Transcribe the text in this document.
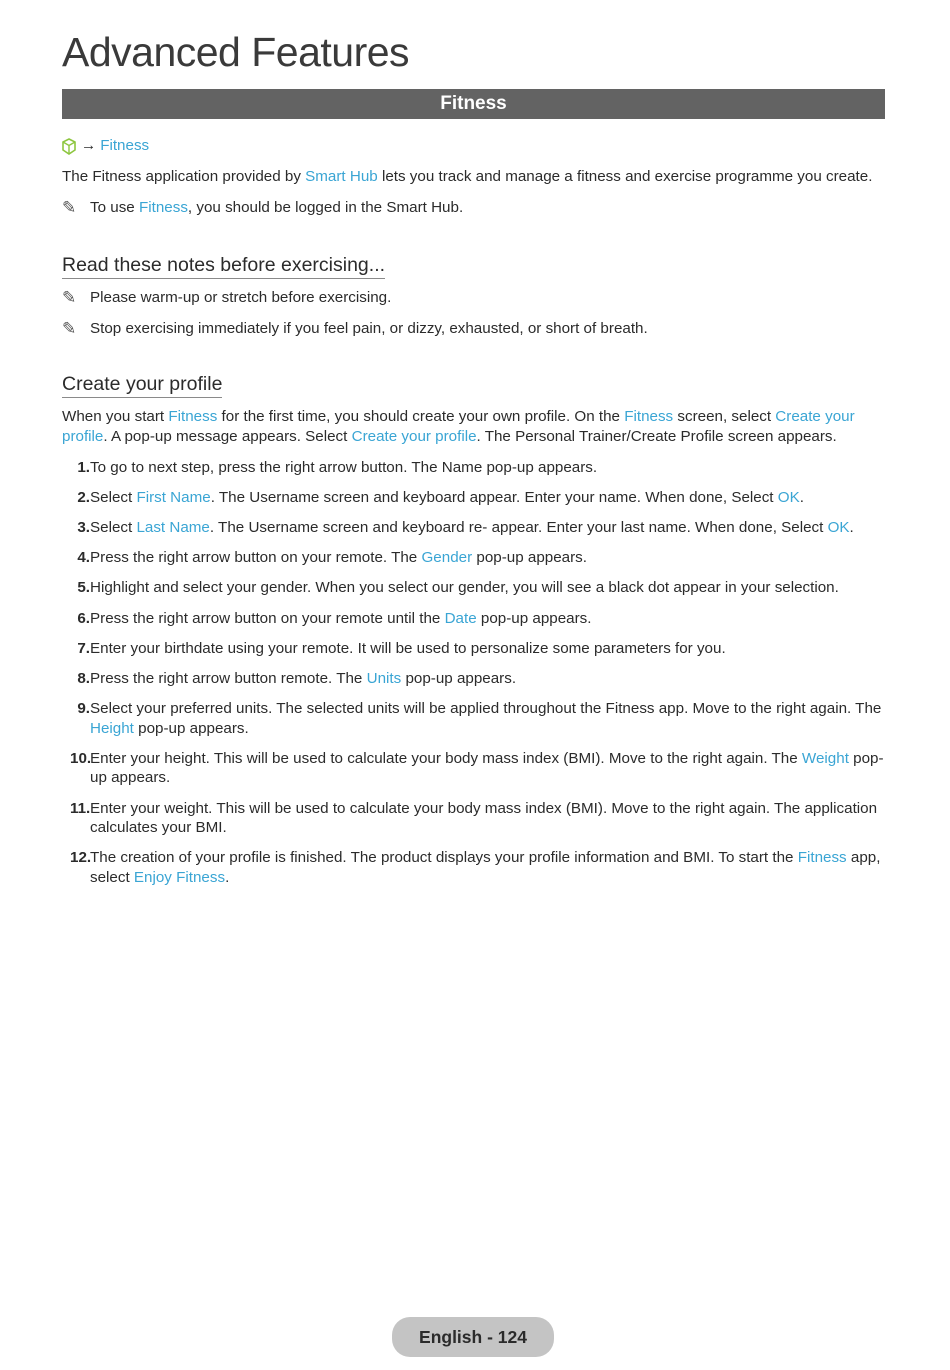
Advanced Features
Fitness
→ Fitness

The Fitness application provided by Smart Hub lets you track and manage a fitness and exercise programme you create.

✎ To use Fitness, you should be logged in the Smart Hub.
Read these notes before exercising...
✎ Please warm-up or stretch before exercising.
✎ Stop exercising immediately if you feel pain, or dizzy, exhausted, or short of breath.
Create your profile

When you start Fitness for the first time, you should create your own profile. On the Fitness screen, select Create your profile. A pop-up message appears. Select Create your profile. The Personal Trainer/Create Profile screen appears.

1. To go to next step, press the right arrow button. The Name pop-up appears.
2. Select First Name. The Username screen and keyboard appear. Enter your name. When done, Select OK.
3. Select Last Name. The Username screen and keyboard re- appear. Enter your last name. When done, Select OK.
4. Press the right arrow button on your remote. The Gender pop-up appears.
5. Highlight and select your gender. When you select our gender, you will see a black dot appear in your selection.
6. Press the right arrow button on your remote until the Date pop-up appears.
7. Enter your birthdate using your remote. It will be used to personalize some parameters for you.
8. Press the right arrow button remote. The Units pop-up appears.
9. Select your preferred units. The selected units will be applied throughout the Fitness app. Move to the right again. The Height pop-up appears.
10.
Enter your height. This will be used to calculate your body mass index (BMI). Move to the right again. The Weight pop-up appears.
11. Enter your weight. This will be used to calculate your body mass index (BMI). Move to the right again. The application calculates your BMI.
12.
The creation of your profile is finished. The product displays your profile information and BMI. To start the Fitness app, select Enjoy Fitness.
English - 124
